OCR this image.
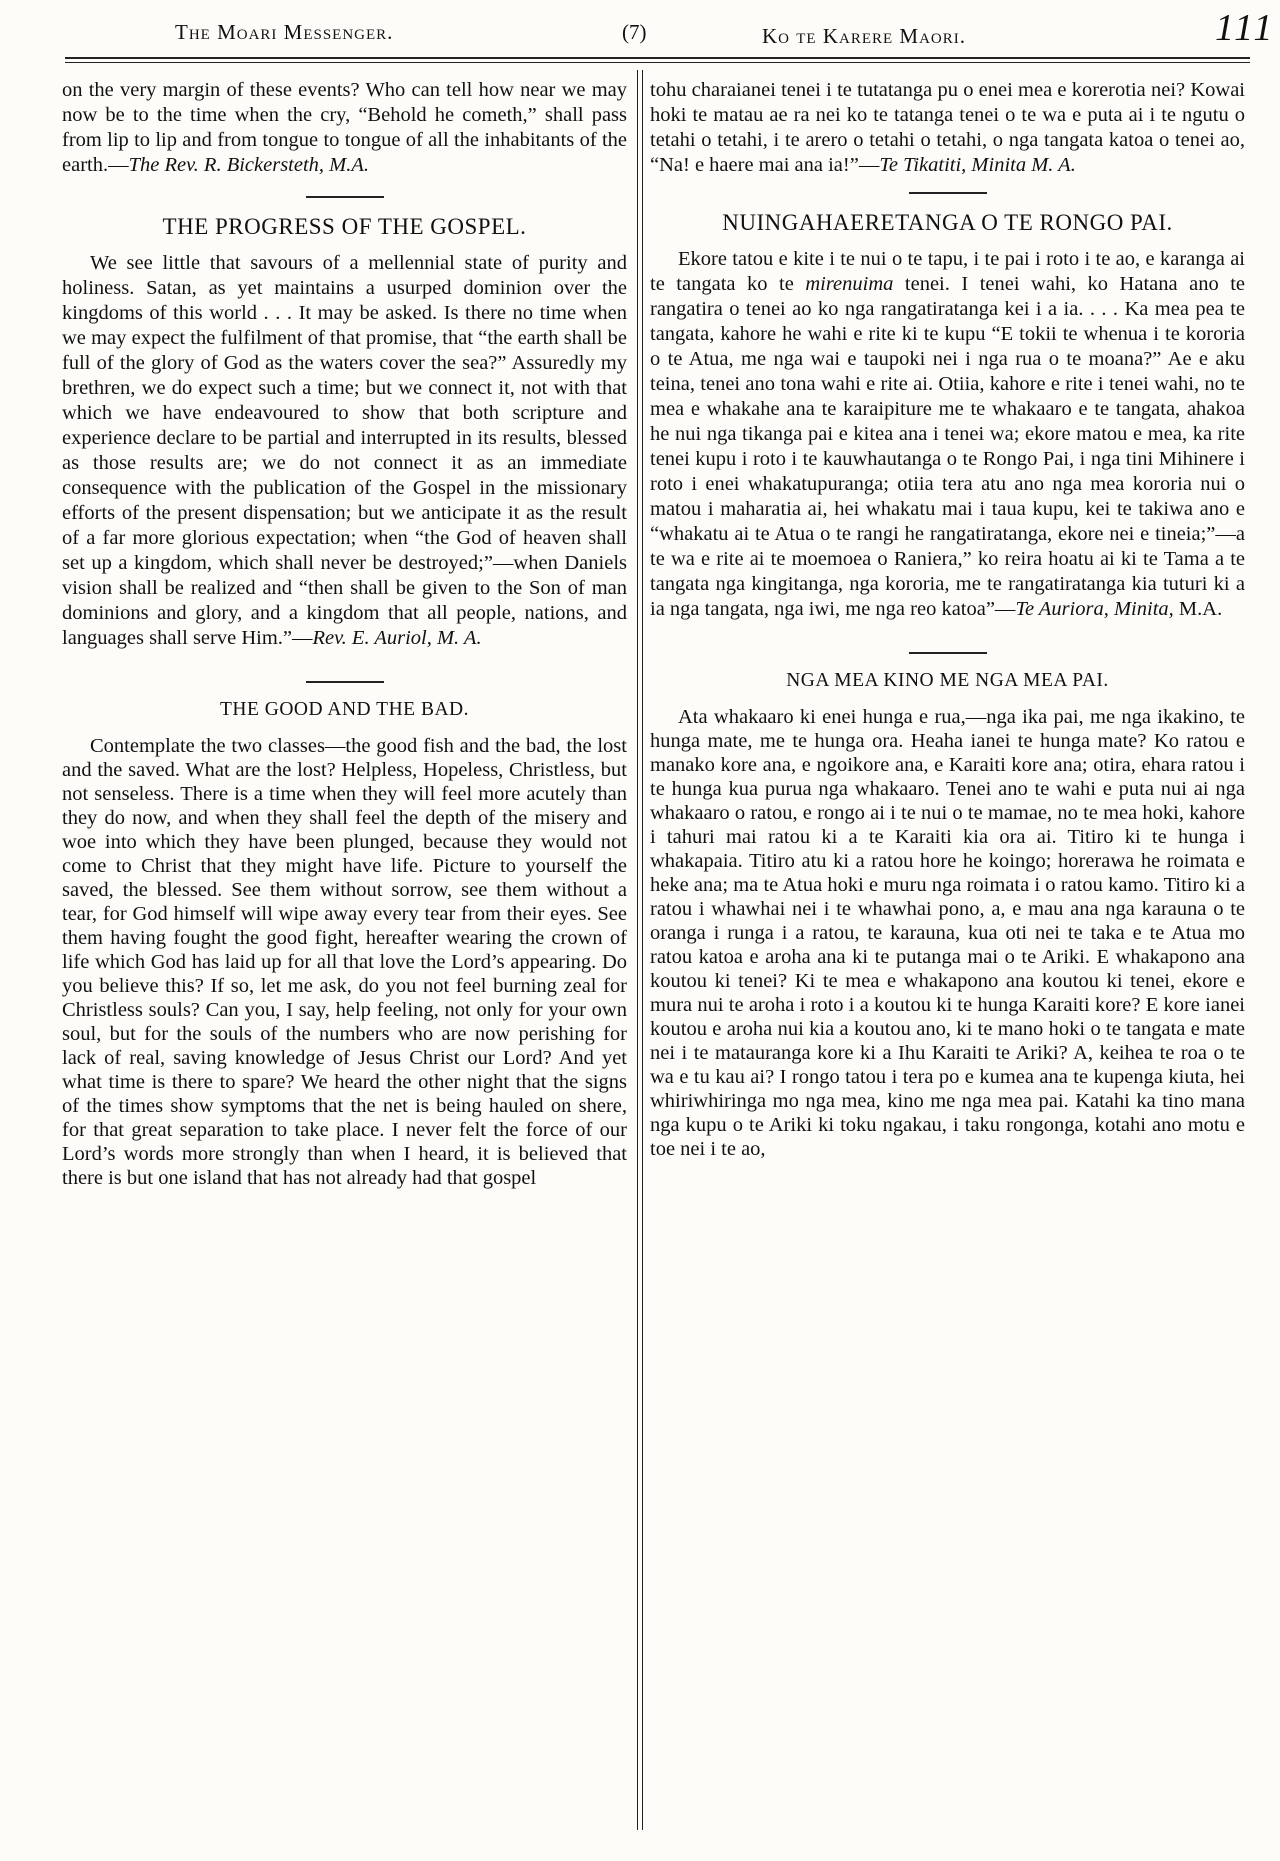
The Moari Messenger.	(7)	Ko te Karere Maori.	111

on the very margin of these events? Who can tell how near we may now be to the time when the cry, “Behold he cometh,” shall pass from lip to lip and from tongue to tongue of all the inhabitants of the earth.—The Rev. R. Bickersteth, M.A.

THE PROGRESS OF THE GOSPEL.

We see little that savours of a mellennial state of purity and holiness. Satan, as yet maintains a usurped dominion over the kingdoms of this world . . . It may be asked. Is there no time when we may expect the fulfilment of that promise, that “the earth shall be full of the glory of God as the waters cover the sea?” Assuredly my brethren, we do expect such a time; but we connect it, not with that which we have endeavoured to show that both scripture and experience declare to be partial and interrupted in its results, blessed as those results are; we do not connect it as an immediate consequence with the publication of the Gospel in the missionary efforts of the present dispensation; but we anticipate it as the result of a far more glorious expectation; when “the God of heaven shall set up a kingdom, which shall never be destroyed;”—when Daniels vision shall be realized and “then shall be given to the Son of man dominions and glory, and a kingdom that all people, nations, and languages shall serve Him.”—Rev. E. Auriol, M. A.

THE GOOD AND THE BAD.

Contemplate the two classes—the good fish and the bad, the lost and the saved. What are the lost? Helpless, Hopeless, Christless, but not senseless. There is a time when they will feel more acutely than they do now, and when they shall feel the depth of the misery and woe into which they have been plunged, because they would not come to Christ that they might have life. Picture to yourself the saved, the blessed. See them without sorrow, see them without a tear, for God himself will wipe away every tear from their eyes. See them having fought the good fight, hereafter wearing the crown of life which God has laid up for all that love the Lord’s appearing. Do you believe this? If so, let me ask, do you not feel burning zeal for Christless souls? Can you, I say, help feeling, not only for your own soul, but for the souls of the numbers who are now perishing for lack of real, saving knowledge of Jesus Christ our Lord? And yet what time is there to spare? We heard the other night that the signs of the times show symptoms that the net is being hauled on shere, for that great separation to take place. I never felt the force of our Lord’s words more strongly than when I heard, it is believed that there is but one island that has not already had that gospel

tohu charaianei tenei i te tutatanga pu o enei mea e korerotia nei? Kowai hoki te matau ae ra nei ko te tatanga tenei o te wa e puta ai i te ngutu o tetahi o tetahi, i te arero o tetahi o tetahi, o nga tangata katoa o tenei ao, “Na! e haere mai ana ia!”—Te Tikatiti, Minita M. A.

NUINGAHAERETANGA O TE RONGO PAI.

Ekore tatou e kite i te nui o te tapu, i te pai i roto i te ao, e karanga ai te tangata ko te mirenuima tenei. I tenei wahi, ko Hatana ano te rangatira o tenei ao ko nga rangatiratanga kei i a ia. . . . Ka mea pea te tangata, kahore he wahi e rite ki te kupu “E tokii te whenua i te kororia o te Atua, me nga wai e taupoki nei i nga rua o te moana?” Ae e aku teina, tenei ano tona wahi e rite ai. Otiia, kahore e rite i tenei wahi, no te mea e whakahe ana te karaipiture me te whakaaro e te tangata, ahakoa he nui nga tikanga pai e kitea ana i tenei wa; ekore matou e mea, ka rite tenei kupu i roto i te kauwhautanga o te Rongo Pai, i nga tini Mihinere i roto i enei whakatupuranga; otiia tera atu ano nga mea kororia nui o matou i maharatia ai, hei whakatu mai i taua kupu, kei te takiwa ano e “whakatu ai te Atua o te rangi he rangatiratanga, ekore nei e tineia;”—a te wa e rite ai te moemoea o Raniera,” ko reira hoatu ai ki te Tama a te tangata nga kingitanga, nga kororia, me te rangatiratanga kia tuturi ki a ia nga tangata, nga iwi, me nga reo katoa”—Te Auriora, Minita, M.A.

NGA MEA KINO ME NGA MEA PAI.

Ata whakaaro ki enei hunga e rua,—nga ika pai, me nga ikakino, te hunga mate, me te hunga ora. Heaha ianei te hunga mate? Ko ratou e manako kore ana, e ngoikore ana, e Karaiti kore ana; otira, ehara ratou i te hunga kua purua nga whakaaro. Tenei ano te wahi e puta nui ai nga whakaaro o ratou, e rongo ai i te nui o te mamae, no te mea hoki, kahore i tahuri mai ratou ki a te Karaiti kia ora ai. Titiro ki te hunga i whakapaia. Titiro atu ki a ratou hore he koingo; horerawa he roimata e heke ana; ma te Atua hoki e muru nga roimata i o ratou kamo. Titiro ki a ratou i whawhai nei i te whawhai pono, a, e mau ana nga karauna o te oranga i runga i a ratou, te karauna, kua oti nei te taka e te Atua mo ratou katoa e aroha ana ki te putanga mai o te Ariki. E whakapono ana koutou ki tenei? Ki te mea e whakapono ana koutou ki tenei, ekore e mura nui te aroha i roto i a koutou ki te hunga Karaiti kore? E kore ianei koutou e aroha nui kia a koutou ano, ki te mano hoki o te tangata e mate nei i te matauranga kore ki a Ihu Karaiti te Ariki? A, keihea te roa o te wa e tu kau ai? I rongo tatou i tera po e kumea ana te kupenga kiuta, hei whiriwhiringa mo nga mea, kino me nga mea pai. Katahi ka tino mana nga kupu o te Ariki ki toku ngakau, i taku rongonga, kotahi ano motu e toe nei i te ao,
